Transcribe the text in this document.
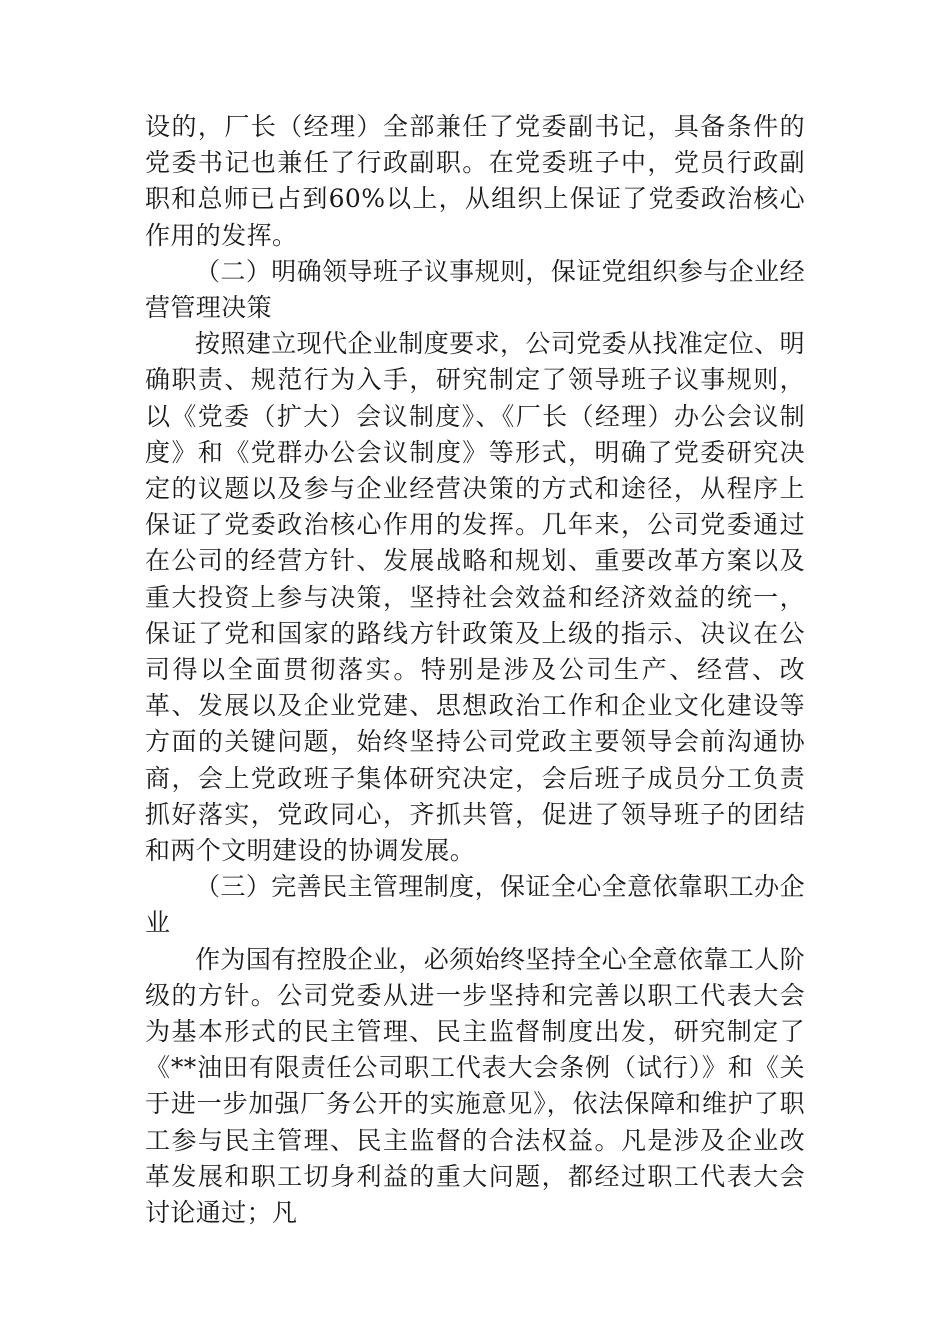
设的，厂长（经理）全部兼任了党委副书记，具备条件的党委书记也兼任了行政副职。在党委班子中，党员行政副职和总师已占到60%以上，从组织上保证了党委政治核心作用的发挥。

（二）明确领导班子议事规则，保证党组织参与企业经营管理决策

按照建立现代企业制度要求，公司党委从找准定位、明确职责、规范行为入手，研究制定了领导班子议事规则，以《党委（扩大）会议制度》、《厂长（经理）办公会议制度》和《党群办公会议制度》等形式，明确了党委研究决定的议题以及参与企业经营决策的方式和途径，从程序上保证了党委政治核心作用的发挥。几年来，公司党委通过在公司的经营方针、发展战略和规划、重要改革方案以及重大投资上参与决策，坚持社会效益和经济效益的统一，保证了党和国家的路线方针政策及上级的指示、决议在公司得以全面贯彻落实。特别是涉及公司生产、经营、改革、发展以及企业党建、思想政治工作和企业文化建设等方面的关键问题，始终坚持公司党政主要领导会前沟通协商，会上党政班子集体研究决定，会后班子成员分工负责抓好落实，党政同心，齐抓共管，促进了领导班子的团结和两个文明建设的协调发展。

（三）完善民主管理制度，保证全心全意依靠职工办企业

作为国有控股企业，必须始终坚持全心全意依靠工人阶级的方针。公司党委从进一步坚持和完善以职工代表大会为基本形式的民主管理、民主监督制度出发，研究制定了《**油田有限责任公司职工代表大会条例（试行）》和《关于进一步加强厂务公开的实施意见》，依法保障和维护了职工参与民主管理、民主监督的合法权益。凡是涉及企业改革发展和职工切身利益的重大问题，都经过职工代表大会讨论通过；凡
